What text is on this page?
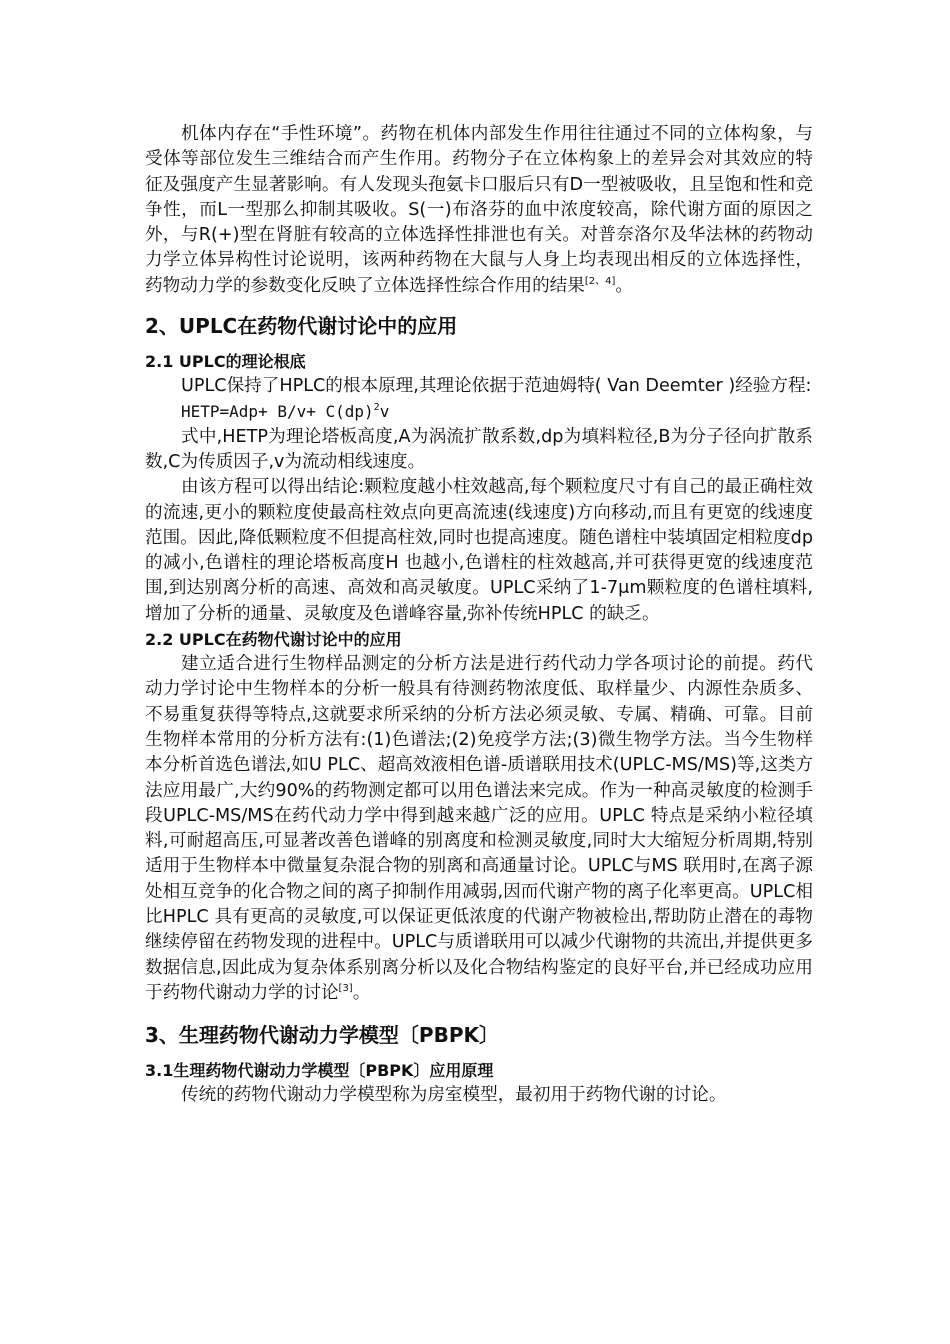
机体内存在“手性环境”。药物在机体内部发生作用往往通过不同的立体构象，与受体等部位发生三维结合而产生作用。药物分子在立体构象上的差异会对其效应的特征及强度产生显著影响。有人发现头孢氨卡口服后只有D一型被吸收，且呈饱和性和竞争性，而L一型那么抑制其吸收。S(一)布洛芬的血中浓度较高，除代谢方面的原因之外，与R(+)型在肾脏有较高的立体选择性排泄也有关。对普奈洛尔及华法林的药物动力学立体异构性讨论说明，该两种药物在大鼠与人身上均表现出相反的立体选择性，药物动力学的参数变化反映了立体选择性综合作用的结果[2、4]。

2、UPLC在药物代谢讨论中的应用
2.1 UPLC的理论根底

UPLC保持了HPLC的根本原理,其理论依据于范迪姆特( Van Deemter )经验方程:

HETP=Adp+ B/v+ C(dp)$^2$v

式中,HETP为理论塔板高度,A为涡流扩散系数,dp为填料粒径,B为分子径向扩散系数,C为传质因子,v为流动相线速度。

由该方程可以得出结论:颗粒度越小柱效越高,每个颗粒度尺寸有自己的最正确柱效的流速,更小的颗粒度使最高柱效点向更高流速(线速度)方向移动,而且有更宽的线速度范围。因此,降低颗粒度不但提高柱效,同时也提高速度。随色谱柱中装填固定相粒度dp 的减小,色谱柱的理论塔板高度H 也越小,色谱柱的柱效越高,并可获得更宽的线速度范围,到达别离分析的高速、高效和高灵敏度。UPLC采纳了1-7μm颗粒度的色谱柱填料,增加了分析的通量、灵敏度及色谱峰容量,弥补传统HPLC 的缺乏。

2.2 UPLC在药物代谢讨论中的应用

建立适合进行生物样品测定的分析方法是进行药代动力学各项讨论的前提。药代动力学讨论中生物样本的分析一般具有待测药物浓度低、取样量少、内源性杂质多、不易重复获得等特点,这就要求所采纳的分析方法必须灵敏、专属、精确、可靠。目前生物样本常用的分析方法有:(1)色谱法;(2)免疫学方法;(3)微生物学方法。当今生物样本分析首选色谱法,如U PLC、超高效液相色谱-质谱联用技术(UPLC-MS/MS)等,这类方法应用最广,大约90%的药物测定都可以用色谱法来完成。作为一种高灵敏度的检测手段UPLC-MS/MS在药代动力学中得到越来越广泛的应用。UPLC 特点是采纳小粒径填料,可耐超高压,可显著改善色谱峰的别离度和检测灵敏度,同时大大缩短分析周期,特别适用于生物样本中微量复杂混合物的别离和高通量讨论。UPLC与MS 联用时,在离子源处相互竞争的化合物之间的离子抑制作用减弱,因而代谢产物的离子化率更高。UPLC相比HPLC 具有更高的灵敏度,可以保证更低浓度的代谢产物被检出,帮助防止潜在的毒物继续停留在药物发现的进程中。UPLC与质谱联用可以减少代谢物的共流出,并提供更多数据信息,因此成为复杂体系别离分析以及化合物结构鉴定的良好平台,并已经成功应用于药物代谢动力学的讨论[3]。

3、生理药物代谢动力学模型〔PBPK〕
3.1生理药物代谢动力学模型〔PBPK〕应用原理

传统的药物代谢动力学模型称为房室模型，最初用于药物代谢的讨论。
